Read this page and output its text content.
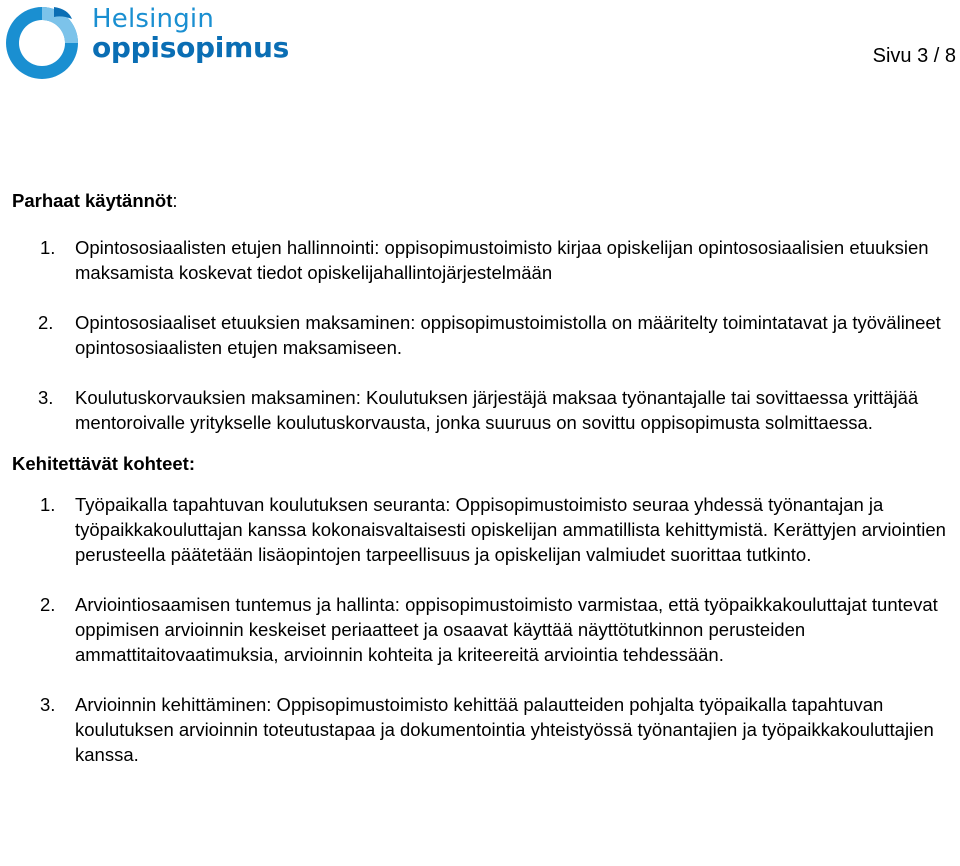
Helsingin
oppisopimus	Sivu 3 / 8

Parhaat käytännöt:

1. Opintososiaalisten etujen hallinnointi: oppisopimustoimisto kirjaa opiskelijan opintososiaalisien etuuksien maksamista koskevat tiedot opiskelijahallintojärjestelmään
2. Opintososiaaliset etuuksien maksaminen: oppisopimustoimistolla on määritelty toimintatavat ja työvälineet opintososiaalisten etujen maksamiseen.
3. Koulutuskorvauksien maksaminen: Koulutuksen järjestäjä maksaa työnantajalle tai sovittaessa yrittäjää mentoroivalle yritykselle koulutuskorvausta, jonka suuruus on sovittu oppisopimusta solmittaessa.

Kehitettävät kohteet:

1. Työpaikalla tapahtuvan koulutuksen seuranta: Oppisopimustoimisto seuraa yhdessä työnantajan ja työpaikkakouluttajan kanssa kokonaisvaltaisesti opiskelijan ammatillista kehittymistä. Kerättyjen arviointien perusteella päätetään lisäopintojen tarpeellisuus ja opiskelijan valmiudet suorittaa tutkinto.
2. Arviointiosaamisen tuntemus ja hallinta: oppisopimustoimisto varmistaa, että työpaikkakouluttajat tuntevat oppimisen arvioinnin keskeiset periaatteet ja osaavat käyttää näyttötutkinnon perusteiden ammattitaitovaatimuksia, arvioinnin kohteita ja kriteereitä arviointia tehdessään.
3. Arvioinnin kehittäminen: Oppisopimustoimisto kehittää palautteiden pohjalta työpaikalla tapahtuvan koulutuksen arvioinnin toteutustapaa ja dokumentointia yhteistyössä työnantajien ja työpaikkakouluttajien kanssa.
